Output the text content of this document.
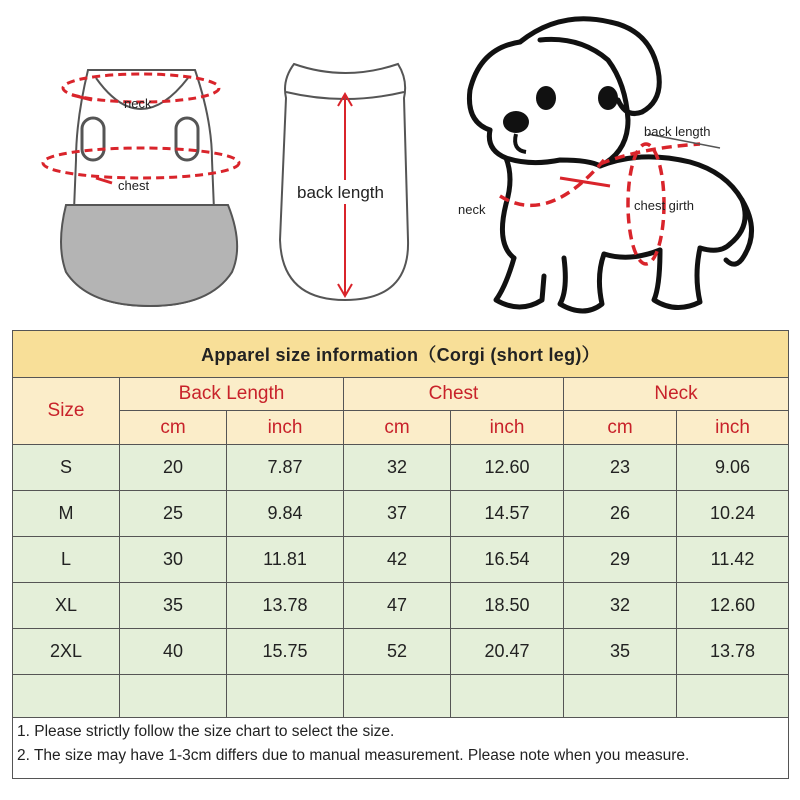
neck
chest	back length
back length
neck	chest girth
Apparel size information（Corgi (short leg)）						
Size	Back Length		Chest		Neck	
	cm	inch	cm	inch	cm	inch
S	20	7.87	32	12.60	23	9.06
M	25	9.84	37	14.57	26	10.24
L	30	11.81	42	16.54	29	11.42
XL	35	13.78	47	18.50	32	12.60
2XL	40	15.75	52	20.47	35	13.78

1. Please strictly follow the size chart to select the size.
2. The size may have 1-3cm differs due to manual measurement. Please note when you measure.						
